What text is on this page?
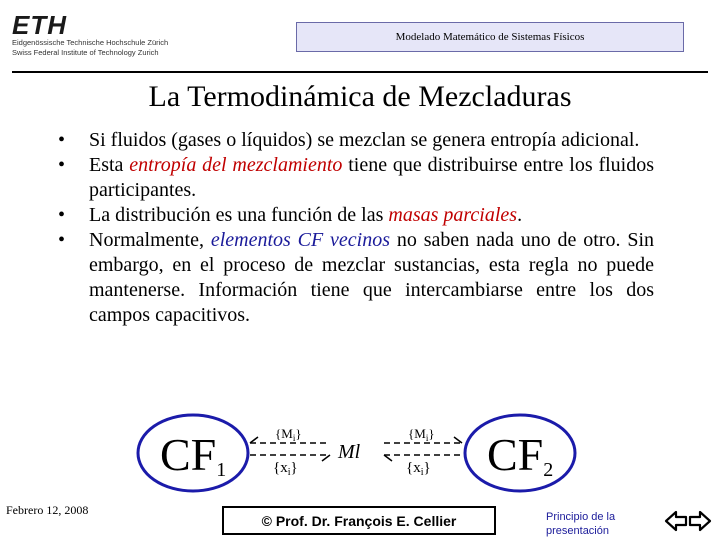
ETH
Eidgenössische Technische Hochschule Zürich
Swiss Federal Institute of Technology Zurich
Modelado Matemático de Sistemas Físicos
La Termodinámica de Mezcladuras
• Si fluidos (gases o líquidos) se mezclan se genera entropía adicional.
• Esta entropía del mezclamiento tiene que distribuirse entre los fluidos participantes.
• La distribución es una función de las masas parciales.
• Normalmente, elementos CF vecinos no saben nada uno de otro. Sin embargo, en el proceso de mezclar sustancias, esta regla no puede mantenerse. Información tiene que intercambiarse entre los dos campos capacitivos.
CF1	CF2
$\{M_i\}$
$\{x_i\}$
Ml
$\{M_i\}$
$\{x_i\}$
Febrero 12, 2008
© Prof. Dr. François E. Cellier	Principio de la
presentación
